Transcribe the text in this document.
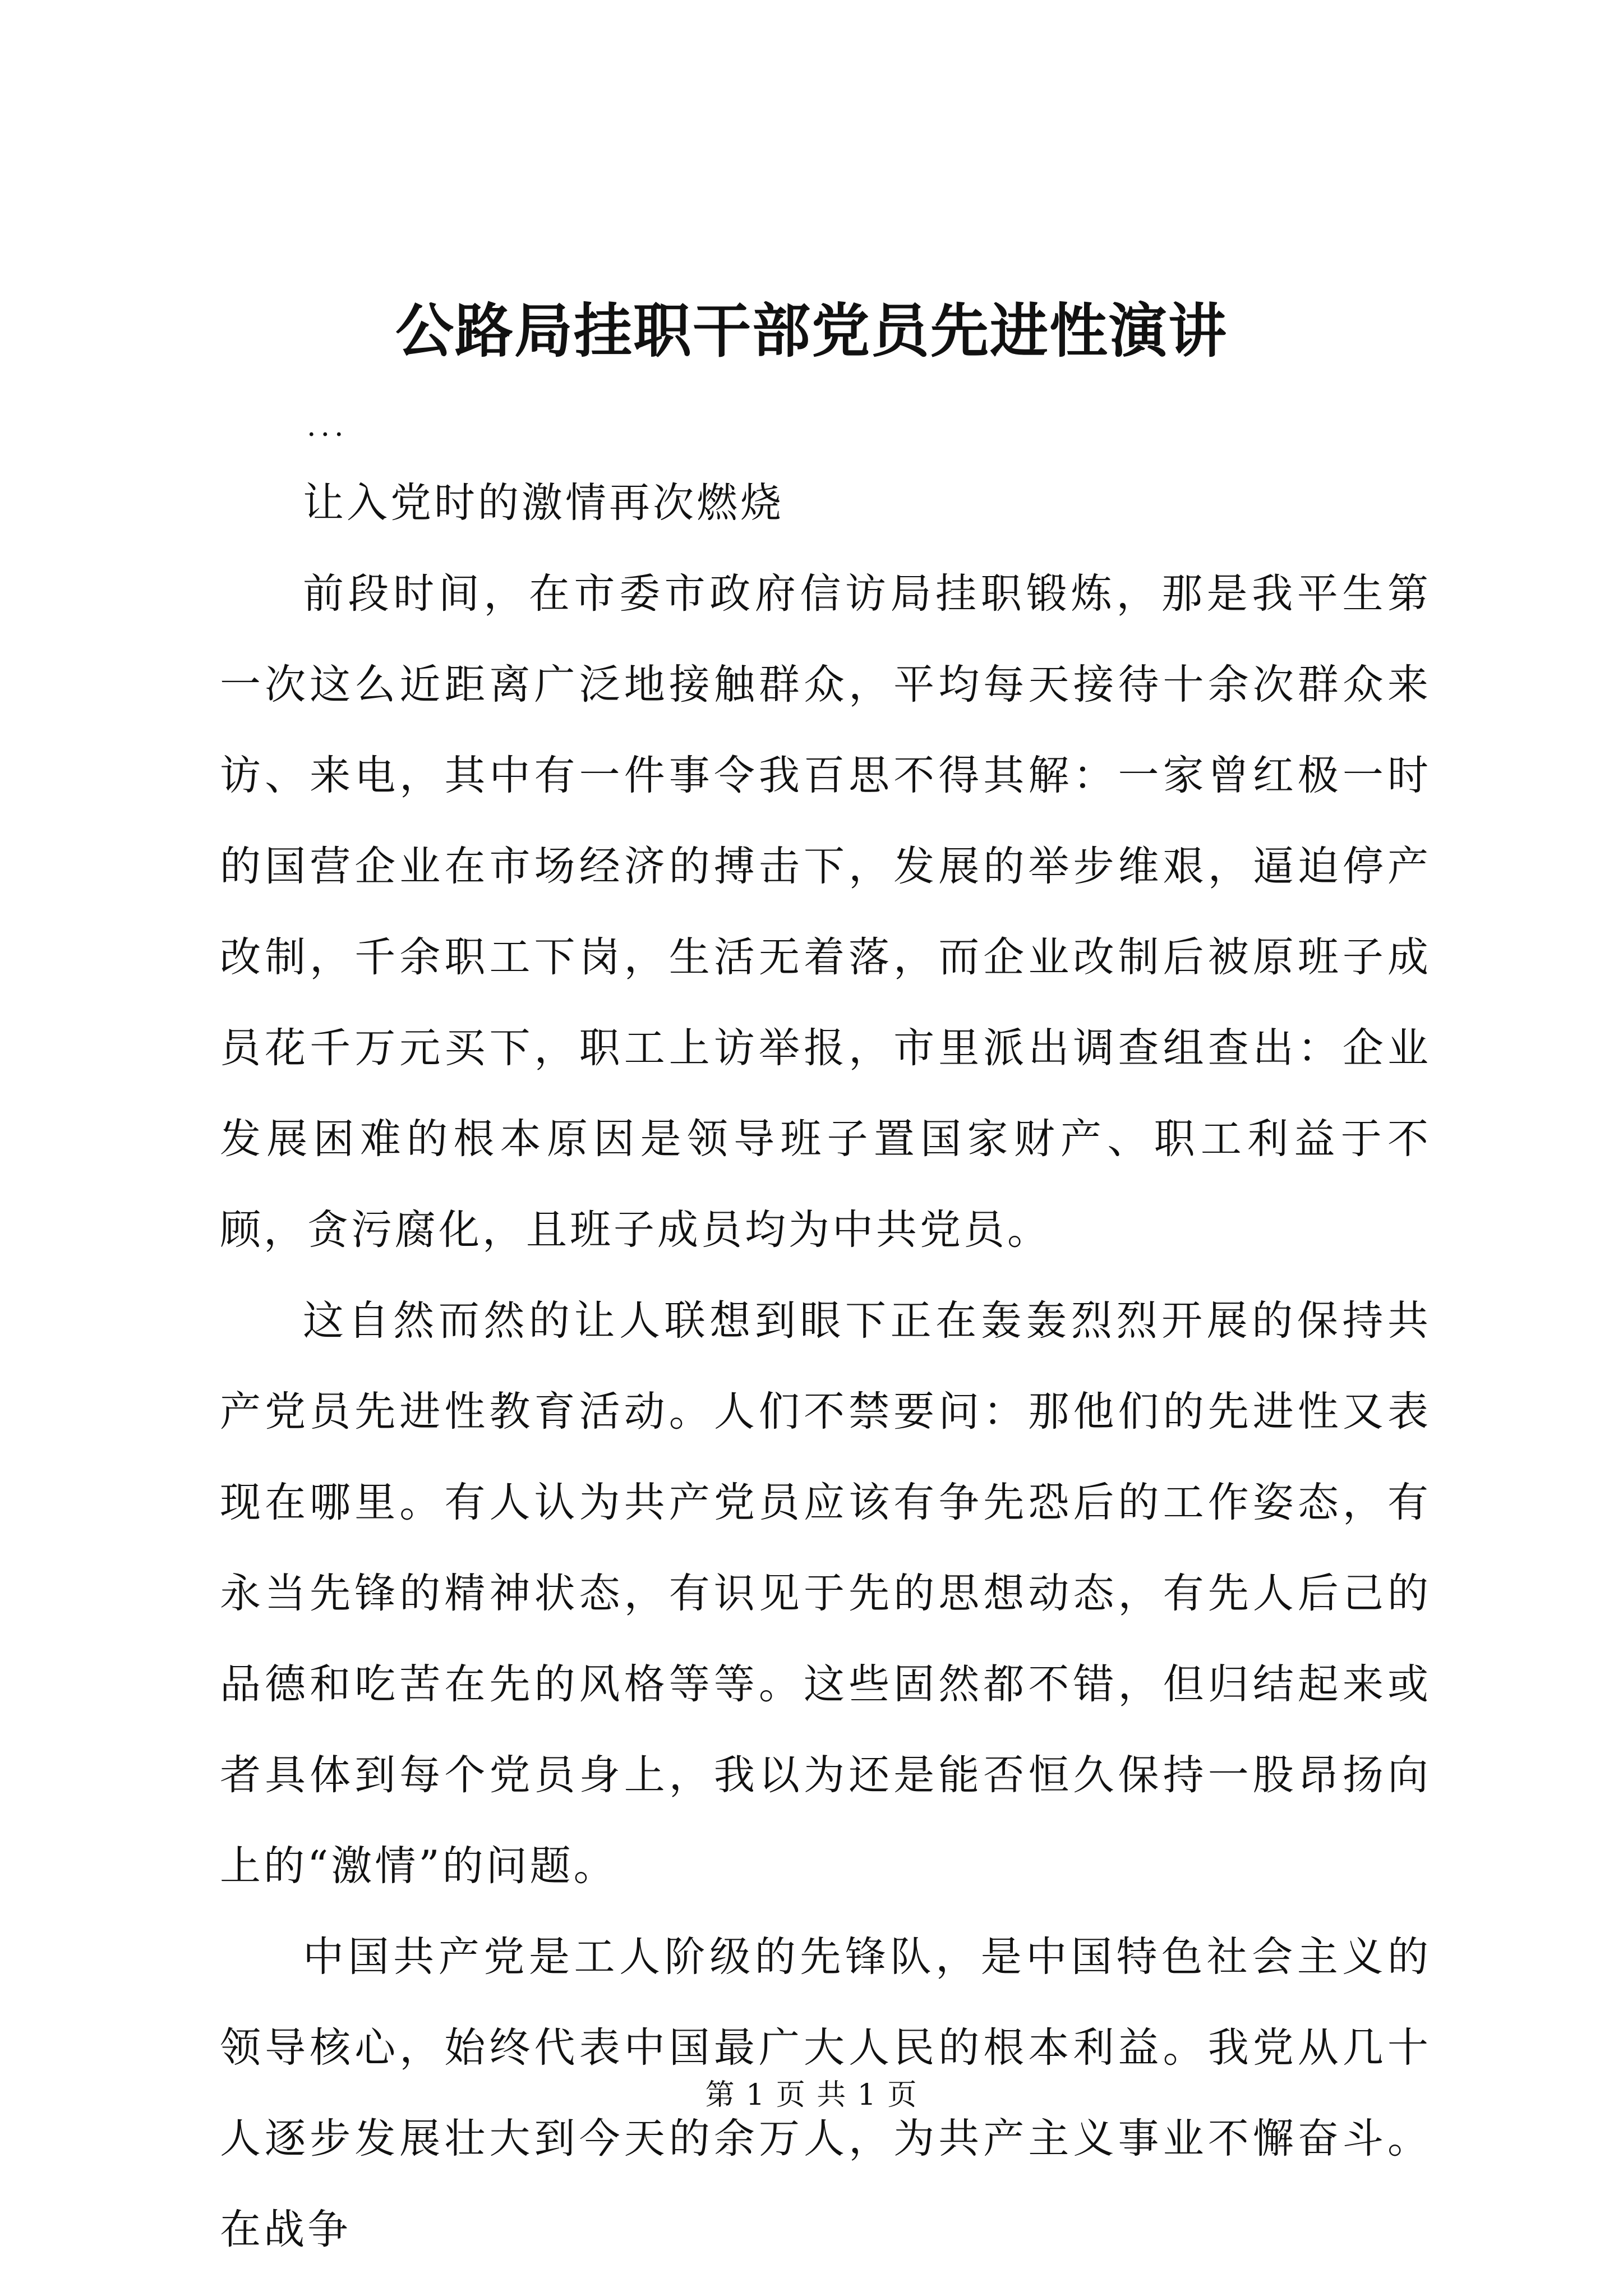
公路局挂职干部党员先进性演讲

...

让入党时的激情再次燃烧

前段时间，在市委市政府信访局挂职锻炼，那是我平生第一次这么近距离广泛地接触群众，平均每天接待十余次群众来访、来电，其中有一件事令我百思不得其解：一家曾红极一时的国营企业在市场经济的搏击下，发展的举步维艰，逼迫停产改制，千余职工下岗，生活无着落，而企业改制后被原班子成员花千万元买下，职工上访举报，市里派出调查组查出：企业发展困难的根本原因是领导班子置国家财产、职工利益于不顾，贪污腐化，且班子成员均为中共党员。

这自然而然的让人联想到眼下正在轰轰烈烈开展的保持共产党员先进性教育活动。人们不禁要问：那他们的先进性又表现在哪里。有人认为共产党员应该有争先恐后的工作姿态，有永当先锋的精神状态，有识见于先的思想动态，有先人后己的品德和吃苦在先的风格等等。这些固然都不错，但归结起来或者具体到每个党员身上，我以为还是能否恒久保持一股昂扬向上的“激情”的问题。

中国共产党是工人阶级的先锋队，是中国特色社会主义的领导核心，始终代表中国最广大人民的根本利益。我党从几十人逐步发展壮大到今天的余万人，为共产主义事业不懈奋斗。在战争

第 1 页 共 1 页
